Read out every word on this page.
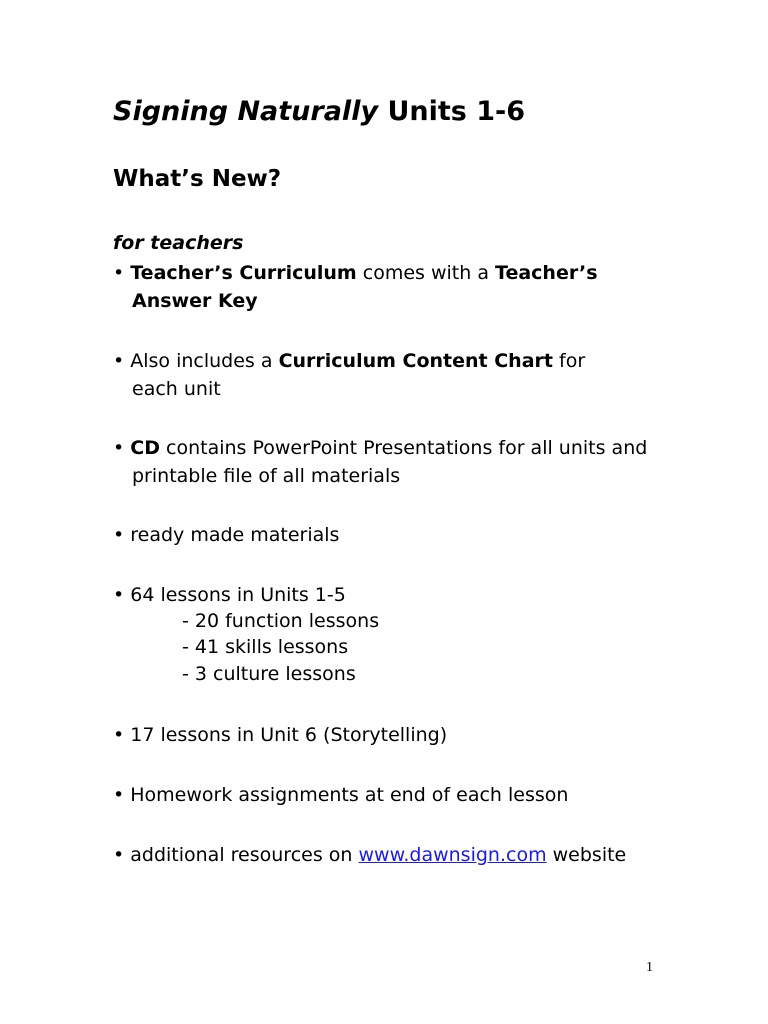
Signing Naturally Units 1-6
What’s New?
for teachers
• Teacher’s Curriculum comes with a Teacher’s
Answer Key
• Also includes a Curriculum Content Chart for
each unit
• CD contains PowerPoint Presentations for all units and
printable file of all materials
• ready made materials
• 64 lessons in Units 1-5
- 20 function lessons
- 41 skills lessons
- 3 culture lessons
• 17 lessons in Unit 6 (Storytelling)
• Homework assignments at end of each lesson
• additional resources on www.dawnsign.com website
1
